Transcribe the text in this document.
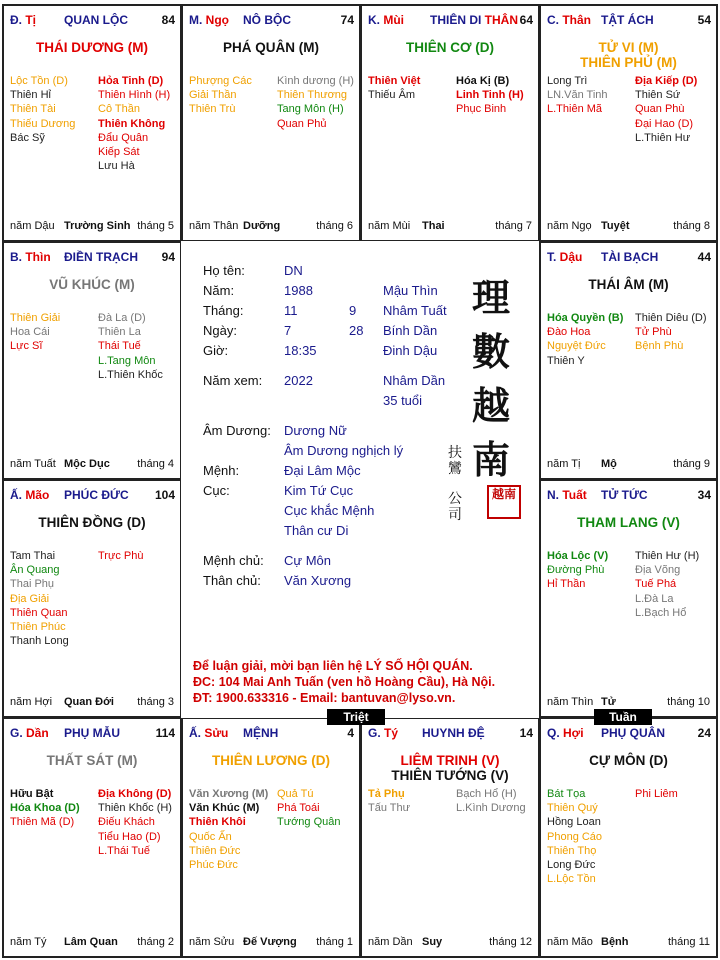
Đ. Tị QUAN LỘC	84
THÁI DƯƠNG (M)
Lộc Tồn (D)
Thiên Hỉ
Thiên Tài
Thiếu Dương
Bác Sỹ
Hỏa Tinh (D)
Thiên Hình (H)
Cô Thần
Thiên Không
Đẩu Quân
Kiếp Sát
Lưu Hà
năm Dậu Trường Sinh tháng 5
M. Ngọ NÔ BỘC	74
PHÁ QUÂN (M)
Phượng Các
Giải Thần
Thiên Trù
Kình dương (H)
Thiên Thương
Tang Môn (H)
Quan Phủ
năm Thân Dưỡng	tháng 6
K. Mùi THIÊN DI THÂN 64
THIÊN CƠ (D)
Thiên Việt
Thiếu Âm
Hóa Kị (B)
Linh Tinh (H)
Phục Binh
năm Mùi Thai	tháng 7
C. Thân TẬT ÁCH	54
TỬ VI (M)
THIÊN PHỦ (M)
Long Trì
LN.Văn Tinh
L.Thiên Mã
Địa Kiếp (D)
Thiên Sứ
Quan Phù
Đại Hao (D)
L.Thiên Hư
năm Ngọ Tuyệt	tháng 8
B. Thìn ĐIỀN TRẠCH 94
VŨ KHÚC (M)
Thiên Giải
Hoa Cái
Lực Sĩ
Đà La (D)
Thiên La
Thái Tuế
L.Tang Môn
L.Thiên Khốc
năm Tuất Mộc Dục tháng 4
T. Dậu TÀI BẠCH	44
THÁI ÂM (M)
Hóa Quyền (B)
Đào Hoa
Nguyệt Đức
Thiên Y
Thiên Diêu (D)
Tử Phù
Bệnh Phù
năm Tị Mộ	tháng 9
Ấ. Mão PHÚC ĐỨC 104
THIÊN ĐỒNG (D)
Tam Thai
Ân Quang
Thai Phụ
Địa Giải
Thiên Quan
Thiên Phúc
Thanh Long
Trực Phù
năm Hợi Quan Đới tháng 3
N. Tuất TỬ TỨC	34
THAM LANG (V)
Hóa Lộc (V)
Đường Phù
Hỉ Thần
Thiên Hư (H)
Địa Võng
Tuế Phá
L.Đà La
L.Bạch Hổ
năm Thìn Tử	tháng 10
G. Dần PHỤ MẪU	114
THẤT SÁT (M)
Hữu Bật
Hóa Khoa (D)
Thiên Mã (D)
Địa Không (D)
Thiên Khốc (H)
Điếu Khách
Tiểu Hao (D)
L.Thái Tuế
năm Tý Lâm Quan tháng 2
Ấ. Sửu MỆNH	4
THIÊN LƯƠNG (D)
Văn Xương (M)
Văn Khúc (M)
Thiên Khôi
Quốc Ấn
Thiên Đức
Phúc Đức
Quả Tú
Phá Toái
Tướng Quân
năm Sửu Đế Vượng tháng 1
G. Tý HUYNH ĐỆ	14
LIÊM TRINH (V)
THIÊN TƯỚNG (V)
Tả Phụ
Tấu Thư
Bạch Hổ (H)
L.Kình Dương
năm Dần Suy	tháng 12
Q. Hợi PHỤ QUÂN	24
CỰ MÔN (D)
Bát Tọa
Thiên Quý
Hồng Loan
Phong Cáo
Thiên Thọ
Long Đức
L.Lộc Tồn
Phi Liêm
năm Mão Bệnh	tháng 11
Họ tên:	DN
Năm:	1988	Mậu Thìn
Tháng:	11	9 Nhâm Tuất
Ngày:	7	28 Bính Dần
Giờ:	18:35	Đinh Dậu
Năm xem: 2022	Nhâm Dần
35 tuổi
Âm Dương: Dương Nữ
Âm Dương nghịch lý
Mệnh:	Đại Lâm Mộc
Cục:	Kim Tứ Cục
Cục khắc Mệnh
Thân cư Di
Mệnh chủ: Cự Môn
Thân chủ: Văn Xương
理
數
越
南
扶
鸞
公
司
越南
Để luận giải, mời bạn liên hệ LÝ SỐ HỘI QUÁN.
ĐC: 104 Mai Anh Tuấn (ven hồ Hoàng Cầu), Hà Nội.
ĐT: 1900.633316 - Email: bantuvan@lyso.vn.
Triệt	Tuần
